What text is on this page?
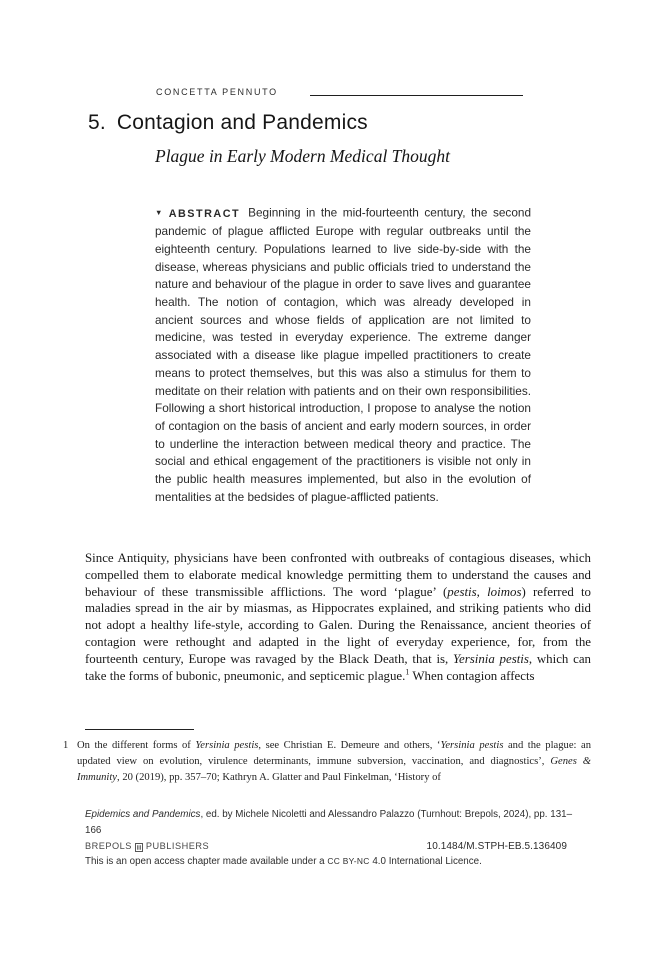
CONCETTA PENNUTO
5. Contagion and Pandemics
Plague in Early Modern Medical Thought
▼ ABSTRACT Beginning in the mid-fourteenth century, the second pandemic of plague afflicted Europe with regular outbreaks until the eighteenth century. Populations learned to live side-by-side with the disease, whereas physicians and public officials tried to understand the nature and behaviour of the plague in order to save lives and guarantee health. The notion of contagion, which was already developed in ancient sources and whose fields of application are not limited to medicine, was tested in everyday experience. The extreme danger associated with a disease like plague impelled practitioners to create means to protect themselves, but this was also a stimulus for them to meditate on their relation with patients and on their own responsibilities. Following a short historical introduction, I propose to analyse the notion of contagion on the basis of ancient and early modern sources, in order to underline the interaction between medical theory and practice. The social and ethical engagement of the practitioners is visible not only in the public health measures implemented, but also in the evolution of mentalities at the bedsides of plague-afflicted patients.
Since Antiquity, physicians have been confronted with outbreaks of contagious diseases, which compelled them to elaborate medical knowledge permitting them to understand the causes and behaviour of these transmissible afflictions. The word ‘plague’ (pestis, loimos) referred to maladies spread in the air by miasmas, as Hippocrates explained, and striking patients who did not adopt a healthy life-style, according to Galen. During the Renaissance, ancient theories of contagion were rethought and adapted in the light of everyday experience, for, from the fourteenth century, Europe was ravaged by the Black Death, that is, Yersinia pestis, which can take the forms of bubonic, pneumonic, and septicemic plague.$^1$ When contagion affects
1 On the different forms of Yersinia pestis, see Christian E. Demeure and others, ‘Yersinia pestis and the plague: an updated view on evolution, virulence determinants, immune subversion, vaccination, and diagnostics’, Genes & Immunity, 20 (2019), pp. 357–70; Kathryn A. Glatter and Paul Finkelman, ‘History of
Epidemics and Pandemics, ed. by Michele Nicoletti and Alessandro Palazzo (Turnhout: Brepols, 2024), pp. 131–
166
BREPOLS PUBLISHERS	10.1484/M.STPH-EB.5.136409
This is an open access chapter made available under a CC BY-NC 4.0 International Licence.
